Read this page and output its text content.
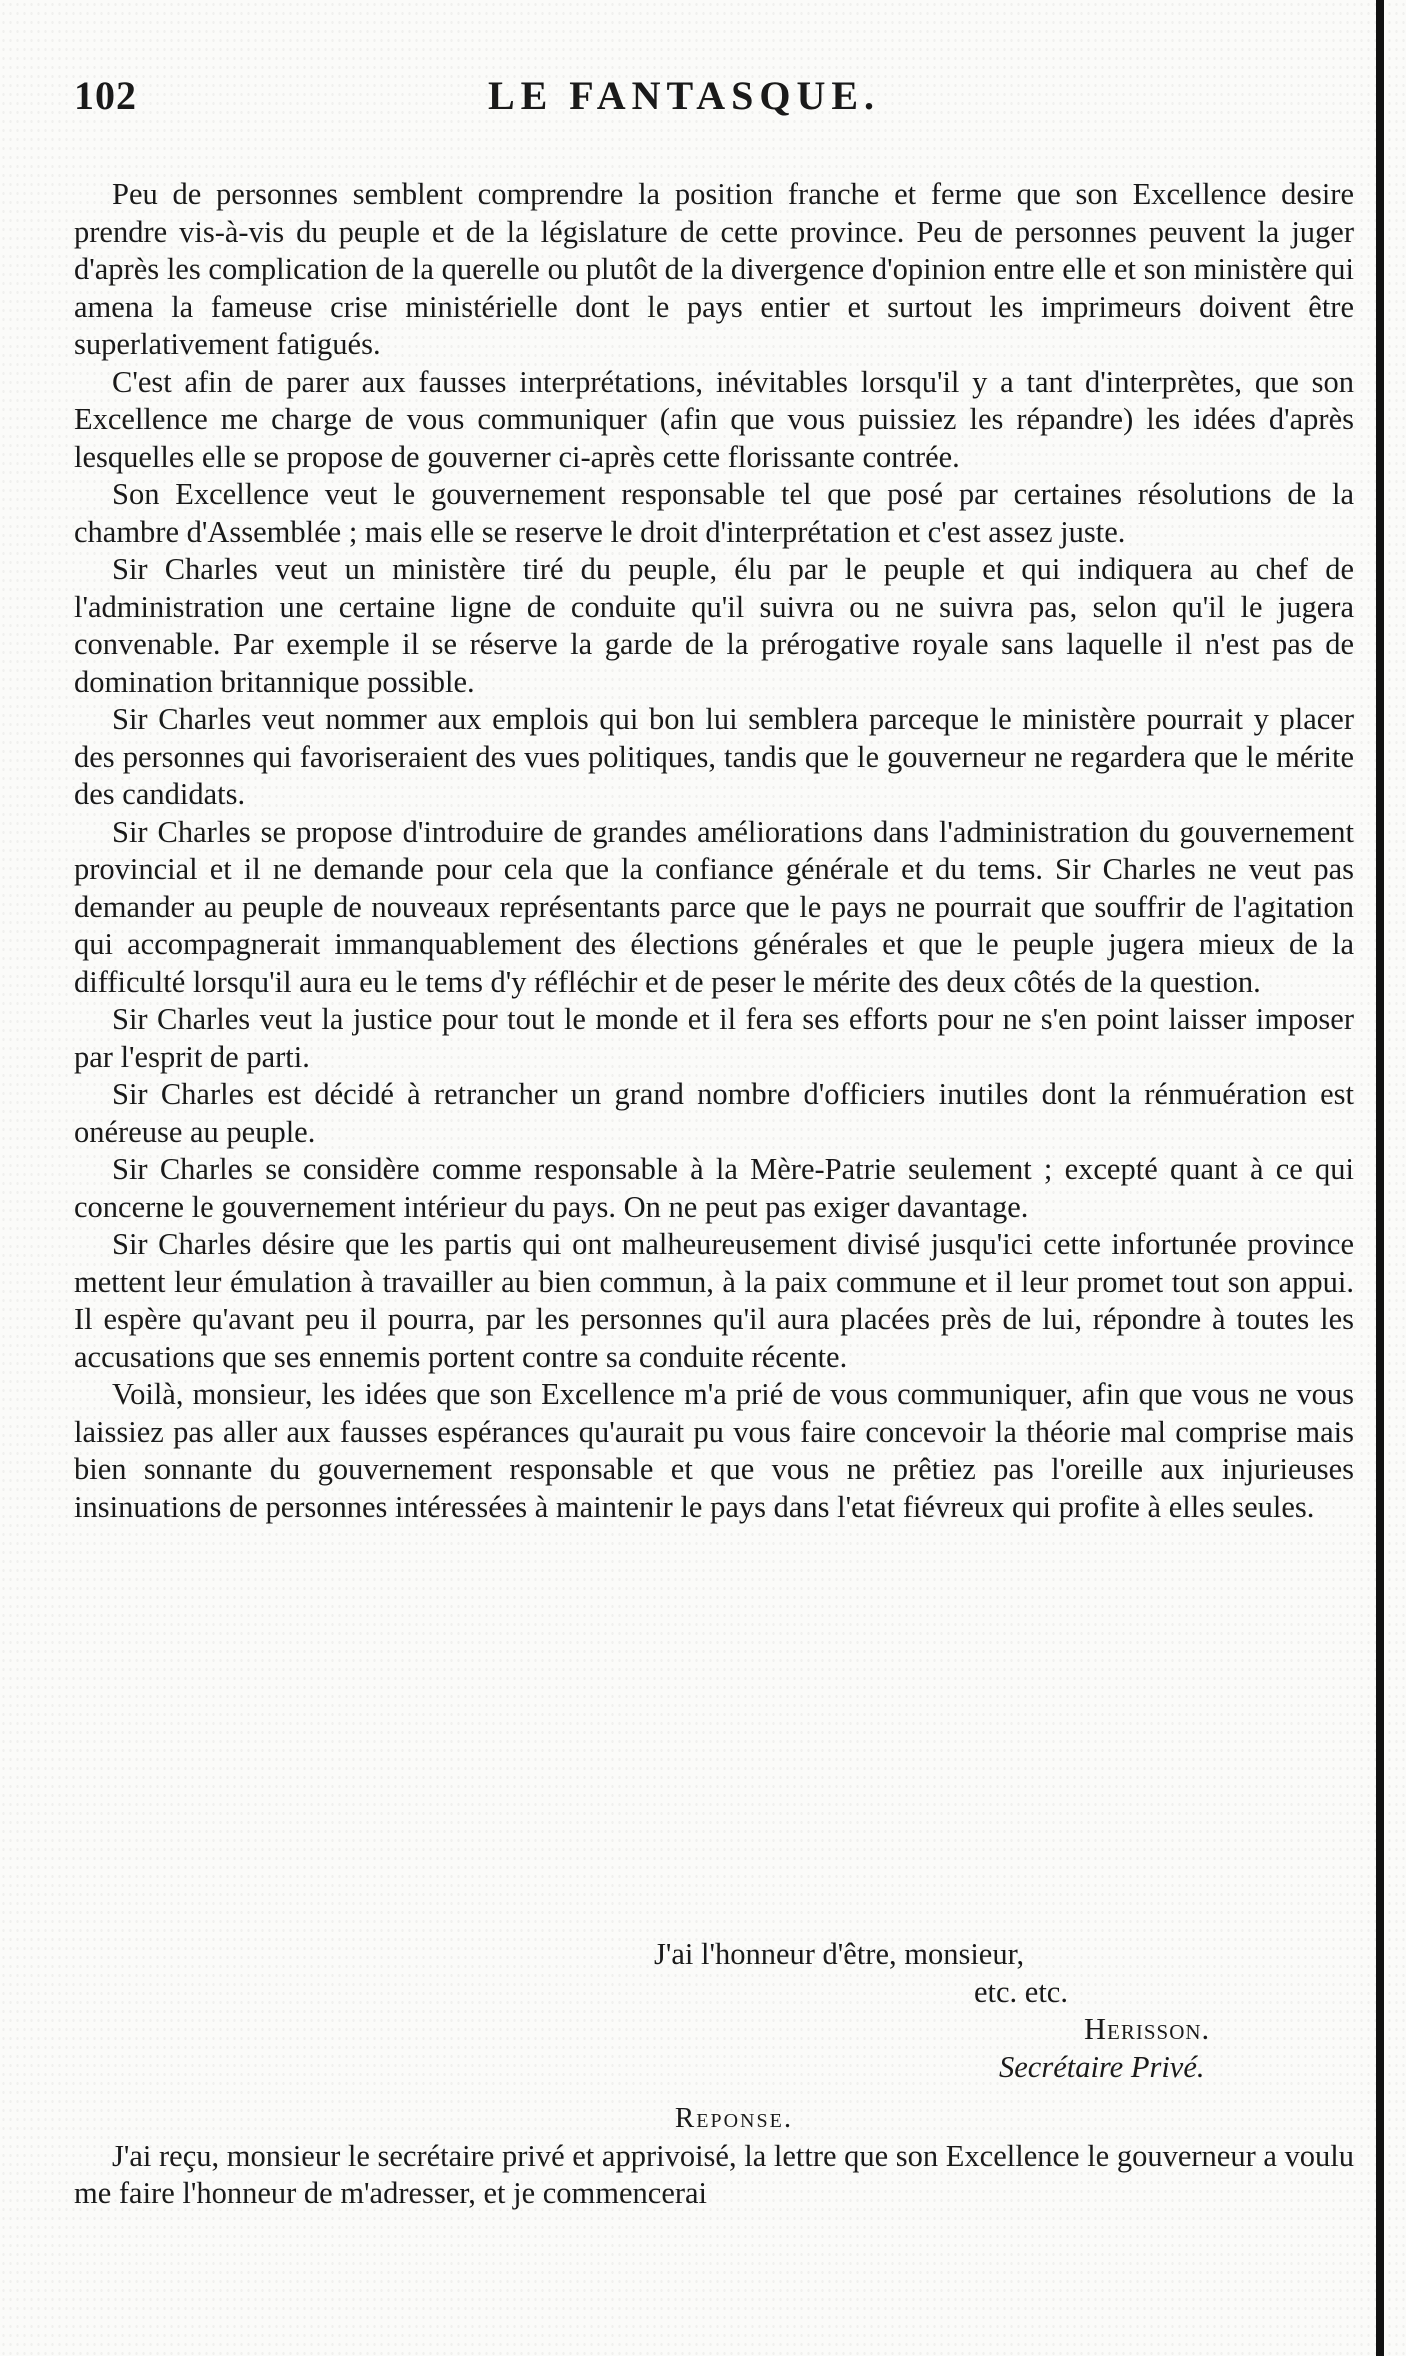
102	LE FANTASQUE.

Peu de personnes semblent comprendre la position franche et ferme que son Excellence desire prendre vis-à-vis du peuple et de la législature de cette province. Peu de personnes peuvent la juger d'après les complication de la querelle ou plutôt de la divergence d'opinion entre elle et son ministère qui amena la fameuse crise ministérielle dont le pays entier et surtout les imprimeurs doivent être superlativement fatigués.

C'est afin de parer aux fausses interprétations, inévitables lorsqu'il y a tant d'interprètes, que son Excellence me charge de vous communiquer (afin que vous puissiez les répandre) les idées d'après lesquelles elle se propose de gouverner ci-après cette florissante contrée.

Son Excellence veut le gouvernement responsable tel que posé par certaines résolutions de la chambre d'Assemblée ; mais elle se reserve le droit d'interprétation et c'est assez juste.

Sir Charles veut un ministère tiré du peuple, élu par le peuple et qui indiquera au chef de l'administration une certaine ligne de conduite qu'il suivra ou ne suivra pas, selon qu'il le jugera convenable. Par exemple il se réserve la garde de la prérogative royale sans laquelle il n'est pas de domination britannique possible.

Sir Charles veut nommer aux emplois qui bon lui semblera parceque le ministère pourrait y placer des personnes qui favoriseraient des vues politiques, tandis que le gouverneur ne regardera que le mérite des candidats.

Sir Charles se propose d'introduire de grandes améliorations dans l'administration du gouvernement provincial et il ne demande pour cela que la confiance générale et du tems. Sir Charles ne veut pas demander au peuple de nouveaux représentants parce que le pays ne pourrait que souffrir de l'agitation qui accompagnerait immanquablement des élections générales et que le peuple jugera mieux de la difficulté lorsqu'il aura eu le tems d'y réfléchir et de peser le mérite des deux côtés de la question.

Sir Charles veut la justice pour tout le monde et il fera ses efforts pour ne s'en point laisser imposer par l'esprit de parti.

Sir Charles est décidé à retrancher un grand nombre d'officiers inutiles dont la rénmuération est onéreuse au peuple.

Sir Charles se considère comme responsable à la Mère-Patrie seulement ; excepté quant à ce qui concerne le gouvernement intérieur du pays. On ne peut pas exiger davantage.

Sir Charles désire que les partis qui ont malheureusement divisé jusqu'ici cette infortunée province mettent leur émulation à travailler au bien commun, à la paix commune et il leur promet tout son appui. Il espère qu'avant peu il pourra, par les personnes qu'il aura placées près de lui, répondre à toutes les accusations que ses ennemis portent contre sa conduite récente.

Voilà, monsieur, les idées que son Excellence m'a prié de vous communiquer, afin que vous ne vous laissiez pas aller aux fausses espérances qu'aurait pu vous faire concevoir la théorie mal comprise mais bien sonnante du gouvernement responsable et que vous ne prêtiez pas l'oreille aux injurieuses insinuations de personnes intéressées à maintenir le pays dans l'etat fiévreux qui profite à elles seules.

J'ai l'honneur d'être, monsieur,
etc. etc.
Herisson.
Secrétaire Privé.
Reponse.
J'ai reçu, monsieur le secrétaire privé et apprivoisé, la lettre que son Excellence le gouverneur a voulu me faire l'honneur de m'adresser, et je commencerai
